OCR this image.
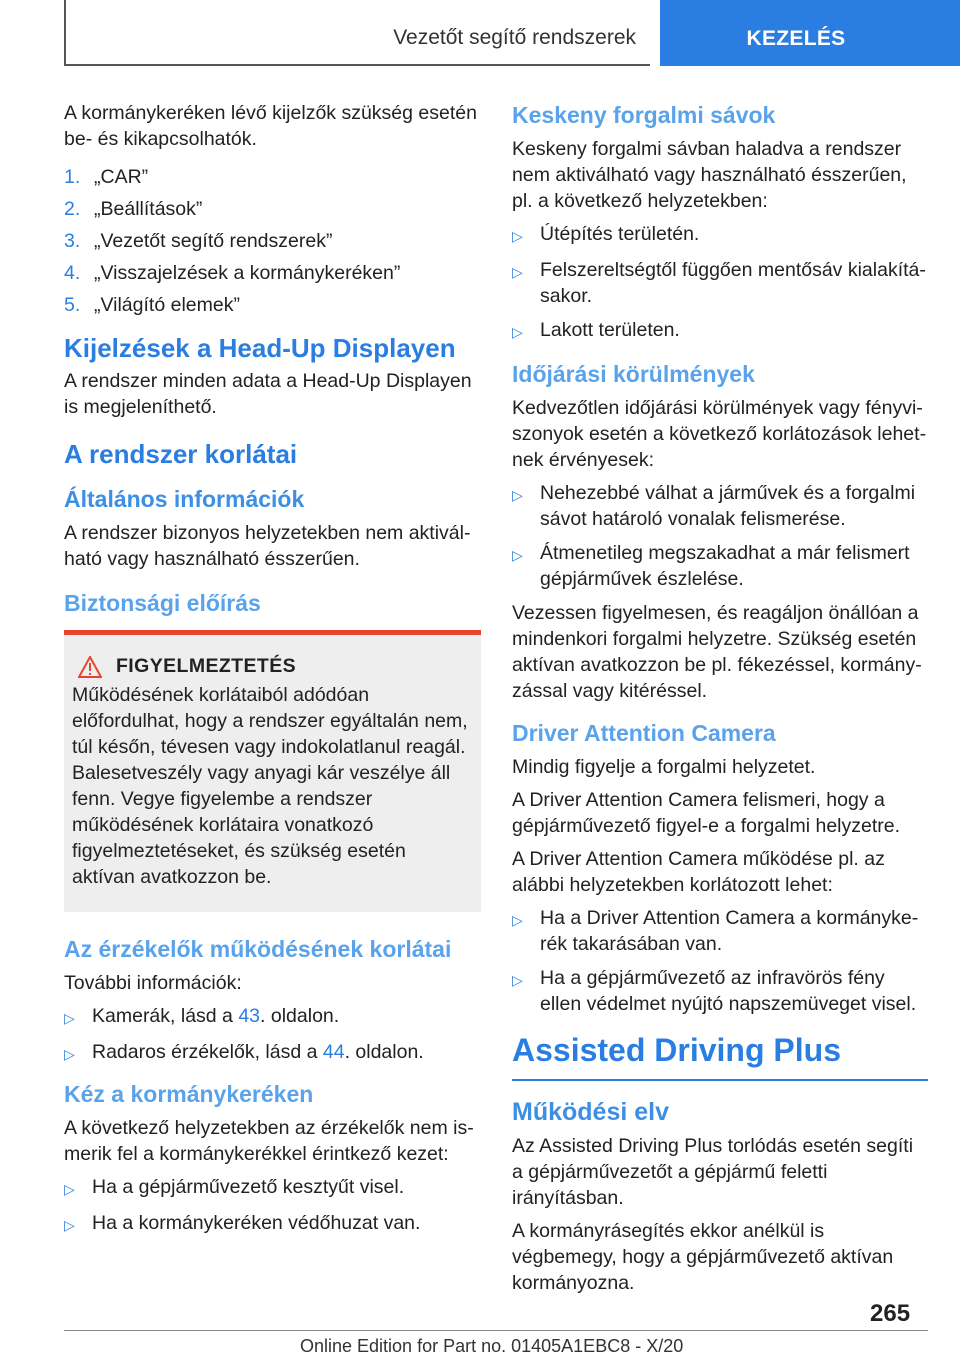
Vezetőt segítő rendszerek	KEZELÉS

A kormánykeréken lévő kijelzők szükség esetén be- és kikapcsolhatók.

1. „CAR”
2. „Beállítások”
3. „Vezetőt segítő rendszerek”
4. „Visszajelzések a kormánykeréken”
5. „Világító elemek”
Kijelzések a Head-Up Displayen

A rendszer minden adata a Head-Up Displayen is megjeleníthető.

A rendszer korlátai
Általános információk

A rendszer bizonyos helyzetekben nem aktiválható vagy használható ésszerűen.

Biztonsági előírás
FIGYELMEZTETÉS

Működésének korlátaiból adódóan előfordulhat, hogy a rendszer egyáltalán nem, túl későn, tévesen vagy indokolatlanul reagál. Balesetveszély vagy anyagi kár veszélye áll fenn. Vegye figyelembe a rendszer működésének korlátaira vonatkozó figyelmeztetéseket, és szükség esetén aktívan avatkozzon be.

Az érzékelők működésének korlátai

További információk:

▷ Kamerák, lásd a 43. oldalon.
▷ Radaros érzékelők, lásd a 44. oldalon.
Kéz a kormánykeréken

A következő helyzetekben az érzékelők nem ismerik fel a kormánykerékkel érintkező kezet:

▷ Ha a gépjárművezető kesztyűt visel.
▷ Ha a kormánykeréken védőhuzat van.
Keskeny forgalmi sávok

Keskeny forgalmi sávban haladva a rendszer nem aktiválható vagy használható ésszerűen, pl. a következő helyzetekben:

▷ Útépítés területén.
▷ Felszereltségtől függően mentősáv kialakításakor.
▷ Lakott területen.
Időjárási körülmények

Kedvezőtlen időjárási körülmények vagy fényviszonyok esetén a következő korlátozások lehetnek érvényesek:

▷ Nehezebbé válhat a járművek és a forgalmi sávot határoló vonalak felismerése.
▷ Átmenetileg megszakadhat a már felismert gépjárművek észlelése.

Vezessen figyelmesen, és reagáljon önállóan a mindenkori forgalmi helyzetre. Szükség esetén aktívan avatkozzon be pl. fékezéssel, kormányzással vagy kitéréssel.

Driver Attention Camera

Mindig figyelje a forgalmi helyzetet.

A Driver Attention Camera felismeri, hogy a gépjárművezető figyel-e a forgalmi helyzetre.

A Driver Attention Camera működése pl. az alábbi helyzetekben korlátozott lehet:

▷ Ha a Driver Attention Camera a kormánykerék takarásában van.
▷ Ha a gépjárművezető az infravörös fény ellen védelmet nyújtó napszemüveget visel.
Assisted Driving Plus
Működési elv

Az Assisted Driving Plus torlódás esetén segíti a gépjárművezetőt a gépjármű feletti irányításban.

A kormányrásegítés ekkor anélkül is végbemegy, hogy a gépjárművezető aktívan kormányozna.

265
Online Edition for Part no. 01405A1EBC8 - X/20
